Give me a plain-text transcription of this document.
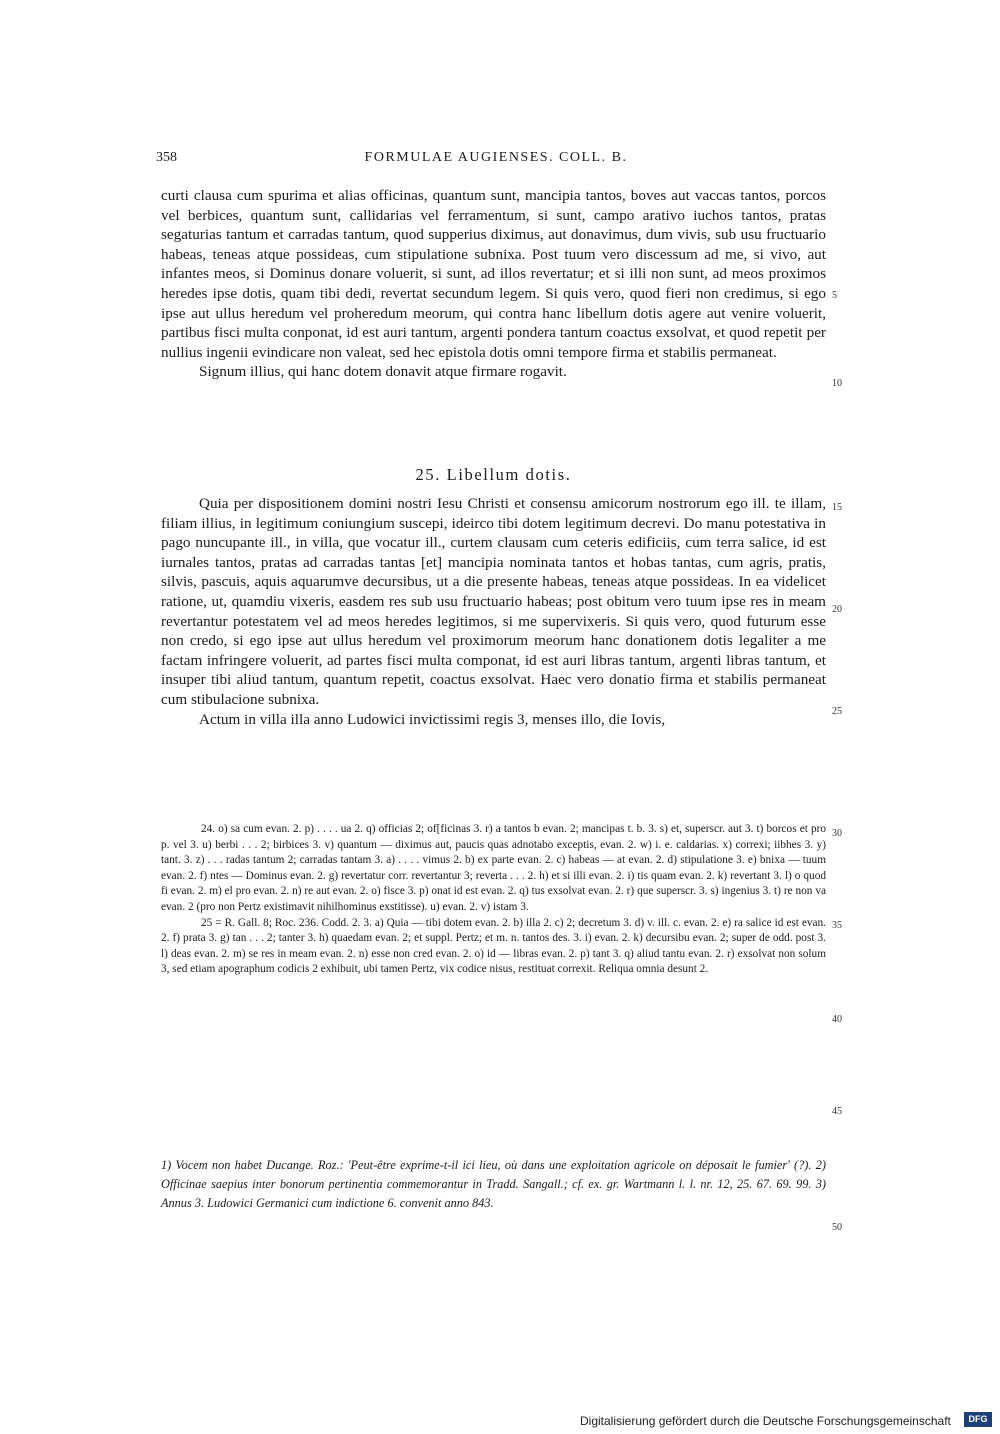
358	FORMULAE AUGIENSES. COLL. B.

curti clausa cum spurima et alias officinas, quantum sunt, mancipia tantos, boves aut vaccas tantos, porcos vel berbices, quantum sunt, callidarias vel ferramentum, si sunt, campo arativo iuchos tantos, pratas segaturias tantum et carradas tantum, quod supperius diximus, aut donavimus, dum vivis, sub usu fructuario habeas, teneas atque possideas, cum stipulatione subnixa. Post tuum vero discessum ad me, si vivo, aut infantes meos, si Dominus donare voluerit, si sunt, ad illos revertatur; et si illi non sunt, ad meos proximos heredes ipse dotis, quam tibi dedi, revertat secundum legem. Si quis vero, quod fieri non credimus, si ego ipse aut ullus heredum vel proheredum meorum, qui contra hanc libellum dotis agere aut venire voluerit, partibus fisci multa conponat, id est auri tantum, argenti pondera tantum coactus exsolvat, et quod repetit per nullius ingenii evindicare non valeat, sed hec epistola dotis omni tempore firma et stabilis permaneat.

Signum illius, qui hanc dotem donavit atque firmare rogavit.

25. Libellum dotis.

Quia per dispositionem domini nostri Iesu Christi et consensu amicorum nostrorum ego ill. te illam, filiam illius, in legitimum coniungium suscepi, ideirco tibi dotem legitimum decrevi. Do manu potestativa in pago nuncupante ill., in villa, que vocatur ill., curtem clausam cum ceteris edificiis, cum terra salice, id est iurnales tantos, pratas ad carradas tantas [et] mancipia nominata tantos et hobas tantas, cum agris, pratis, silvis, pascuis, aquis aquarumve decursibus, ut a die presente habeas, teneas atque possideas. In ea videlicet ratione, ut, quamdiu vixeris, easdem res sub usu fructuario habeas; post obitum vero tuum ipse res in meam revertantur potestatem vel ad meos heredes legitimos, si me supervixeris. Si quis vero, quod futurum esse non credo, si ego ipse aut ullus heredum vel proximorum meorum hanc donationem dotis legaliter a me factam infringere voluerit, ad partes fisci multa componat, id est auri libras tantum, argenti libras tantum, et insuper tibi aliud tantum, quantum repetit, coactus exsolvat. Haec vero donatio firma et stabilis permaneat cum stibulacione subnixa.

Actum in villa illa anno Ludowici invictissimi regis 3, menses illo, die Iovis,

5
10
15
20
25
30
35
40
45
50

24. o) sa cum evan. 2. p) . . . . ua 2. q) officias 2; of[ficinas 3. r) a tantos b evan. 2; mancipas t. b. 3. s) et, superscr. aut 3. t) borcos et pro p. vel 3. u) berbi . . . 2; birbices 3. v) quantum — diximus aut, paucis quas adnotabo exceptis, evan. 2. w) i. e. caldarias. x) correxi; iibhes 3. y) tant. 3. z) . . . radas tantum 2; carradas tantam 3. a) . . . . vimus 2. b) ex parte evan. 2. c) habeas — at evan. 2. d) stipulatione 3. e) bnixa — tuum evan. 2. f) ntes — Dominus evan. 2. g) revertatur corr. revertantur 3; reverta . . . 2. h) et si illi evan. 2. i) tis quam evan. 2. k) revertant 3. l) o quod fi evan. 2. m) el pro evan. 2. n) re aut evan. 2. o) fisce 3. p) onat id est evan. 2. q) tus exsolvat evan. 2. r) que superscr. 3. s) ingenius 3. t) re non va evan. 2 (pro non Pertz existimavit nihilhominus exstitisse). u) evan. 2. v) istam 3.

25 = R. Gall. 8; Roc. 236. Codd. 2. 3. a) Quia — tibi dotem evan. 2. b) illa 2. c) 2; decretum 3. d) v. ill. c. evan. 2. e) ra salice id est evan. 2. f) prata 3. g) tan . . . 2; tanter 3. h) quaedam evan. 2; et suppl. Pertz; et m. n. tantos des. 3. i) evan. 2. k) decursibu evan. 2; super de odd. post 3. l) deas evan. 2. m) se res in meam evan. 2. n) esse non cred evan. 2. o) id — libras evan. 2. p) tant 3. q) aliud tantu evan. 2. r) exsolvat non solum 3, sed etiam apographum codicis 2 exhibuit, ubi tamen Pertz, vix codice nisus, restituat correxit. Reliqua omnia desunt 2.

1) Vocem non habet Ducange. Roz.: 'Peut-être exprime-t-il ici lieu, où dans une exploitation agricole on déposait le fumier' (?). 2) Officinae saepius inter bonorum pertinentia commemorantur in Tradd. Sangall.; cf. ex. gr. Wartmann l. l. nr. 12, 25. 67. 69. 99. 3) Annus 3. Ludowici Germanici cum indictione 6. convenit anno 843.

Digitalisierung gefördert durch die Deutsche Forschungsgemeinschaft	DFG
